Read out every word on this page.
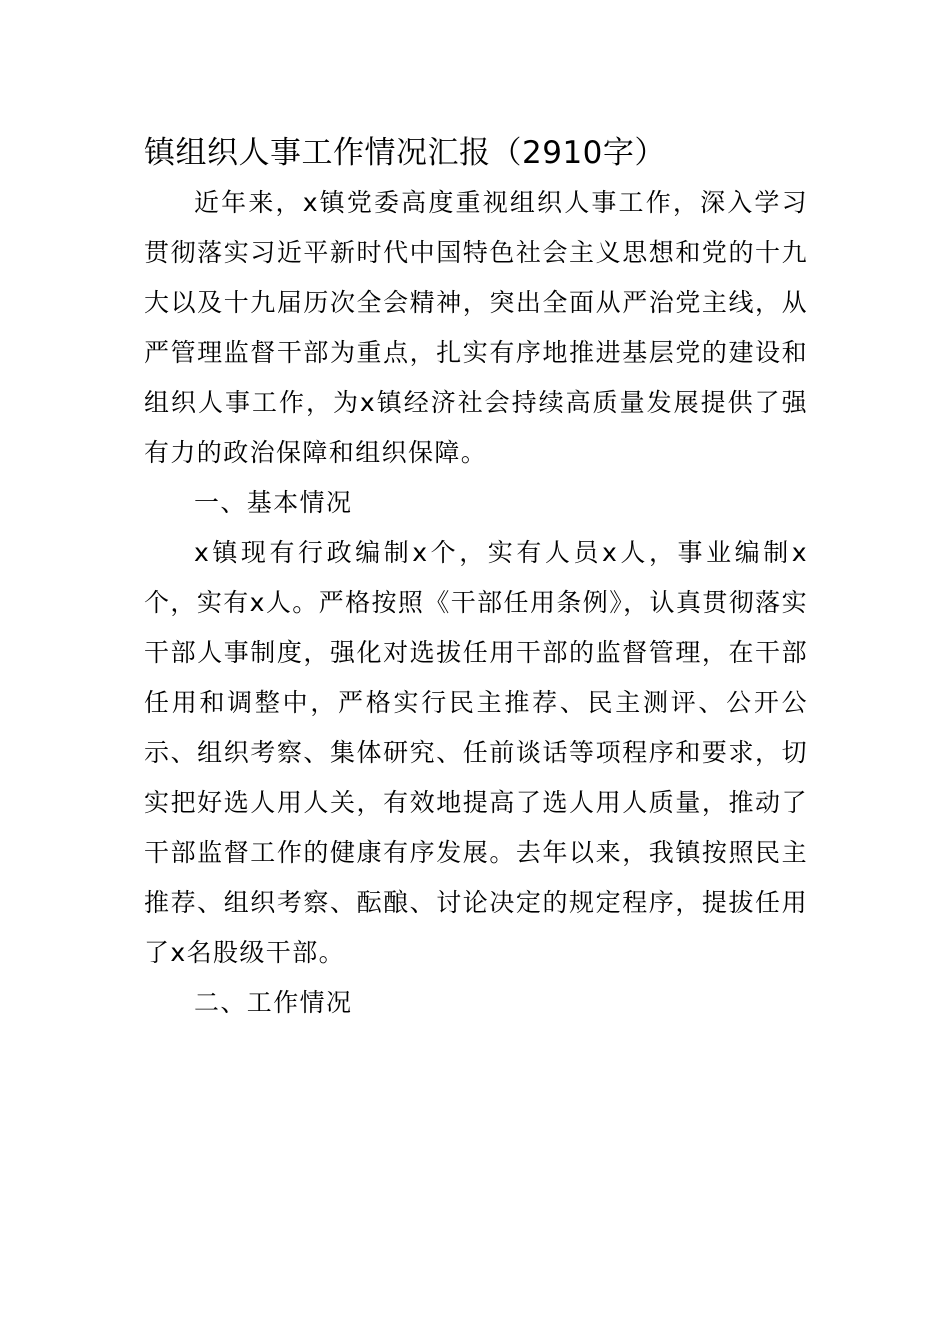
镇组织人事工作情况汇报（2910字）

近年来，x镇党委高度重视组织人事工作，深入学习贯彻落实习近平新时代中国特色社会主义思想和党的十九大以及十九届历次全会精神，突出全面从严治党主线，从严管理监督干部为重点，扎实有序地推进基层党的建设和组织人事工作，为x镇经济社会持续高质量发展提供了强有力的政治保障和组织保障。

一、基本情况

x镇现有行政编制x个，实有人员x人，事业编制x个，实有x人。严格按照《干部任用条例》，认真贯彻落实干部人事制度，强化对选拔任用干部的监督管理，在干部任用和调整中，严格实行民主推荐、民主测评、公开公示、组织考察、集体研究、任前谈话等项程序和要求，切实把好选人用人关，有效地提高了选人用人质量，推动了干部监督工作的健康有序发展。去年以来，我镇按照民主推荐、组织考察、酝酿、讨论决定的规定程序，提拔任用了x名股级干部。

二、工作情况
